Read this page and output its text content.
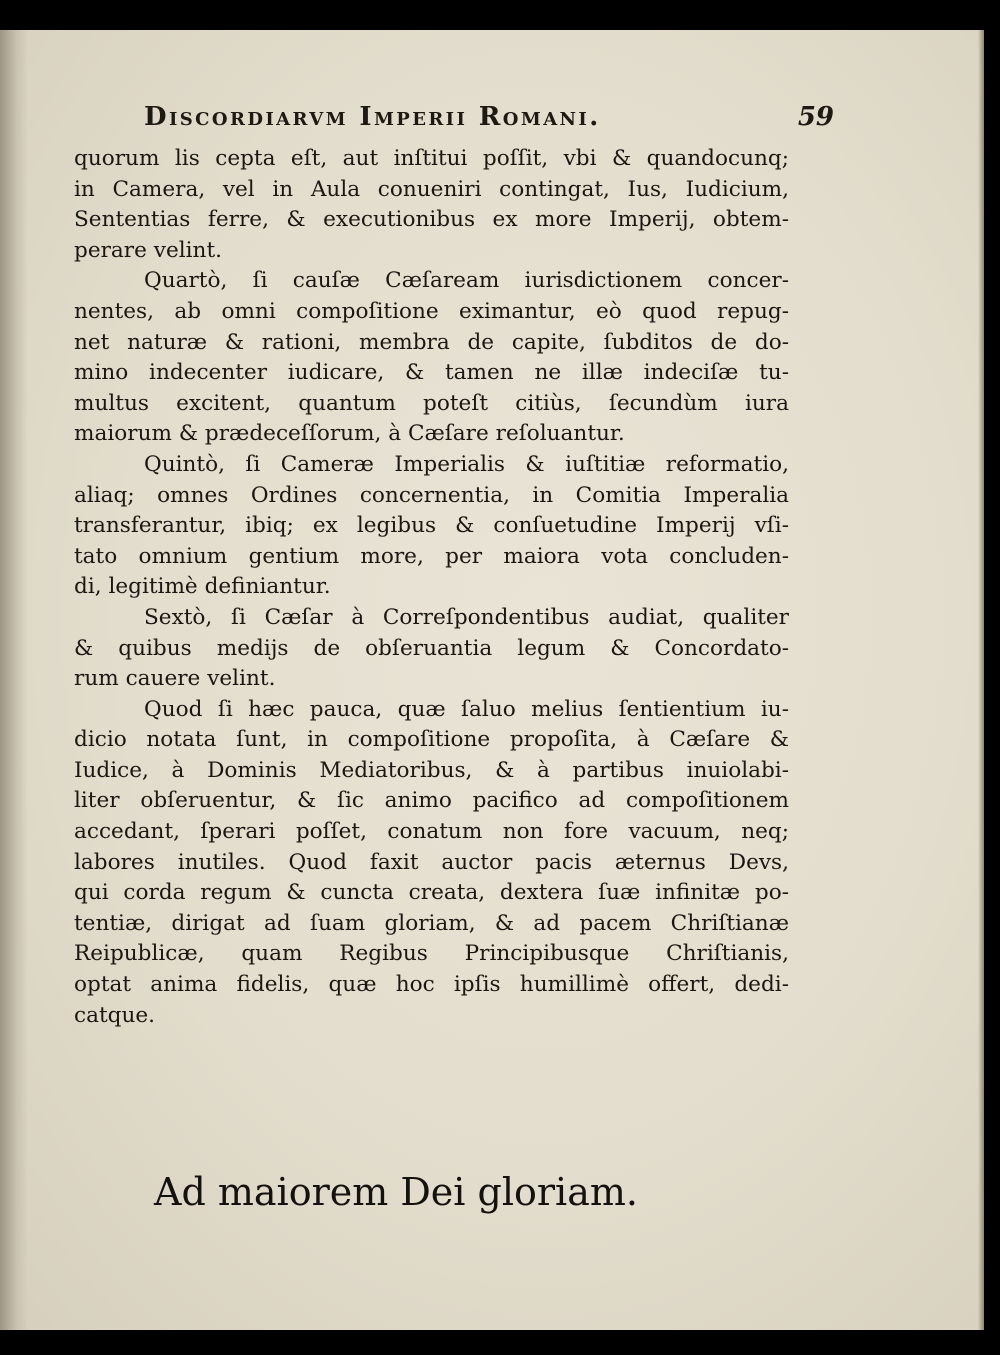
Discordiarvm Imperii Romani.	59
quorum lis cepta eſt, aut inſtitui poſſit, vbi & quandocunq;
in Camera, vel in Aula conueniri contingat, Ius, Iudicium,
Sententias ferre, & executionibus ex more Imperij, obtem-
perare velint.
Quartò, ſi cauſæ Cæſaream iurisdictionem concer-
nentes, ab omni compoſitione eximantur, eò quod repug-
net naturæ & rationi, membra de capite, ſubditos de do-
mino indecenter iudicare, & tamen ne illæ indeciſæ tu-
multus excitent, quantum poteſt citiùs, ſecundùm iura
maiorum & prædeceſſorum, à Cæſare reſoluantur.
Quintò, ſi Cameræ Imperialis & iuſtitiæ reformatio,
aliaq; omnes Ordines concernentia, in Comitia Imperalia
transferantur, ibiq; ex legibus & conſuetudine Imperij vſi-
tato omnium gentium more, per maiora vota concluden-
di, legitimè definiantur.
Sextò, ſi Cæſar à Correſpondentibus audiat, qualiter
& quibus medijs de obſeruantia legum & Concordato-
rum cauere velint.
Quod ſi hæc pauca, quæ ſaluo melius ſentientium iu-
dicio notata ſunt, in compoſitione propoſita, à Cæſare &
Iudice, à Dominis Mediatoribus, & à partibus inuiolabi-
liter obſeruentur, & ſic animo pacifico ad compoſitionem
accedant, ſperari poſſet, conatum non fore vacuum, neq;
labores inutiles. Quod faxit auctor pacis æternus Devs,
qui corda regum & cuncta creata, dextera ſuæ infinitæ po-
tentiæ, dirigat ad ſuam gloriam, & ad pacem Chriſtianæ
Reipublicæ, quam Regibus Principibusque Chriſtianis,
optat anima fidelis, quæ hoc ipſis humillimè offert, dedi-
catque.
Ad maiorem Dei gloriam.
